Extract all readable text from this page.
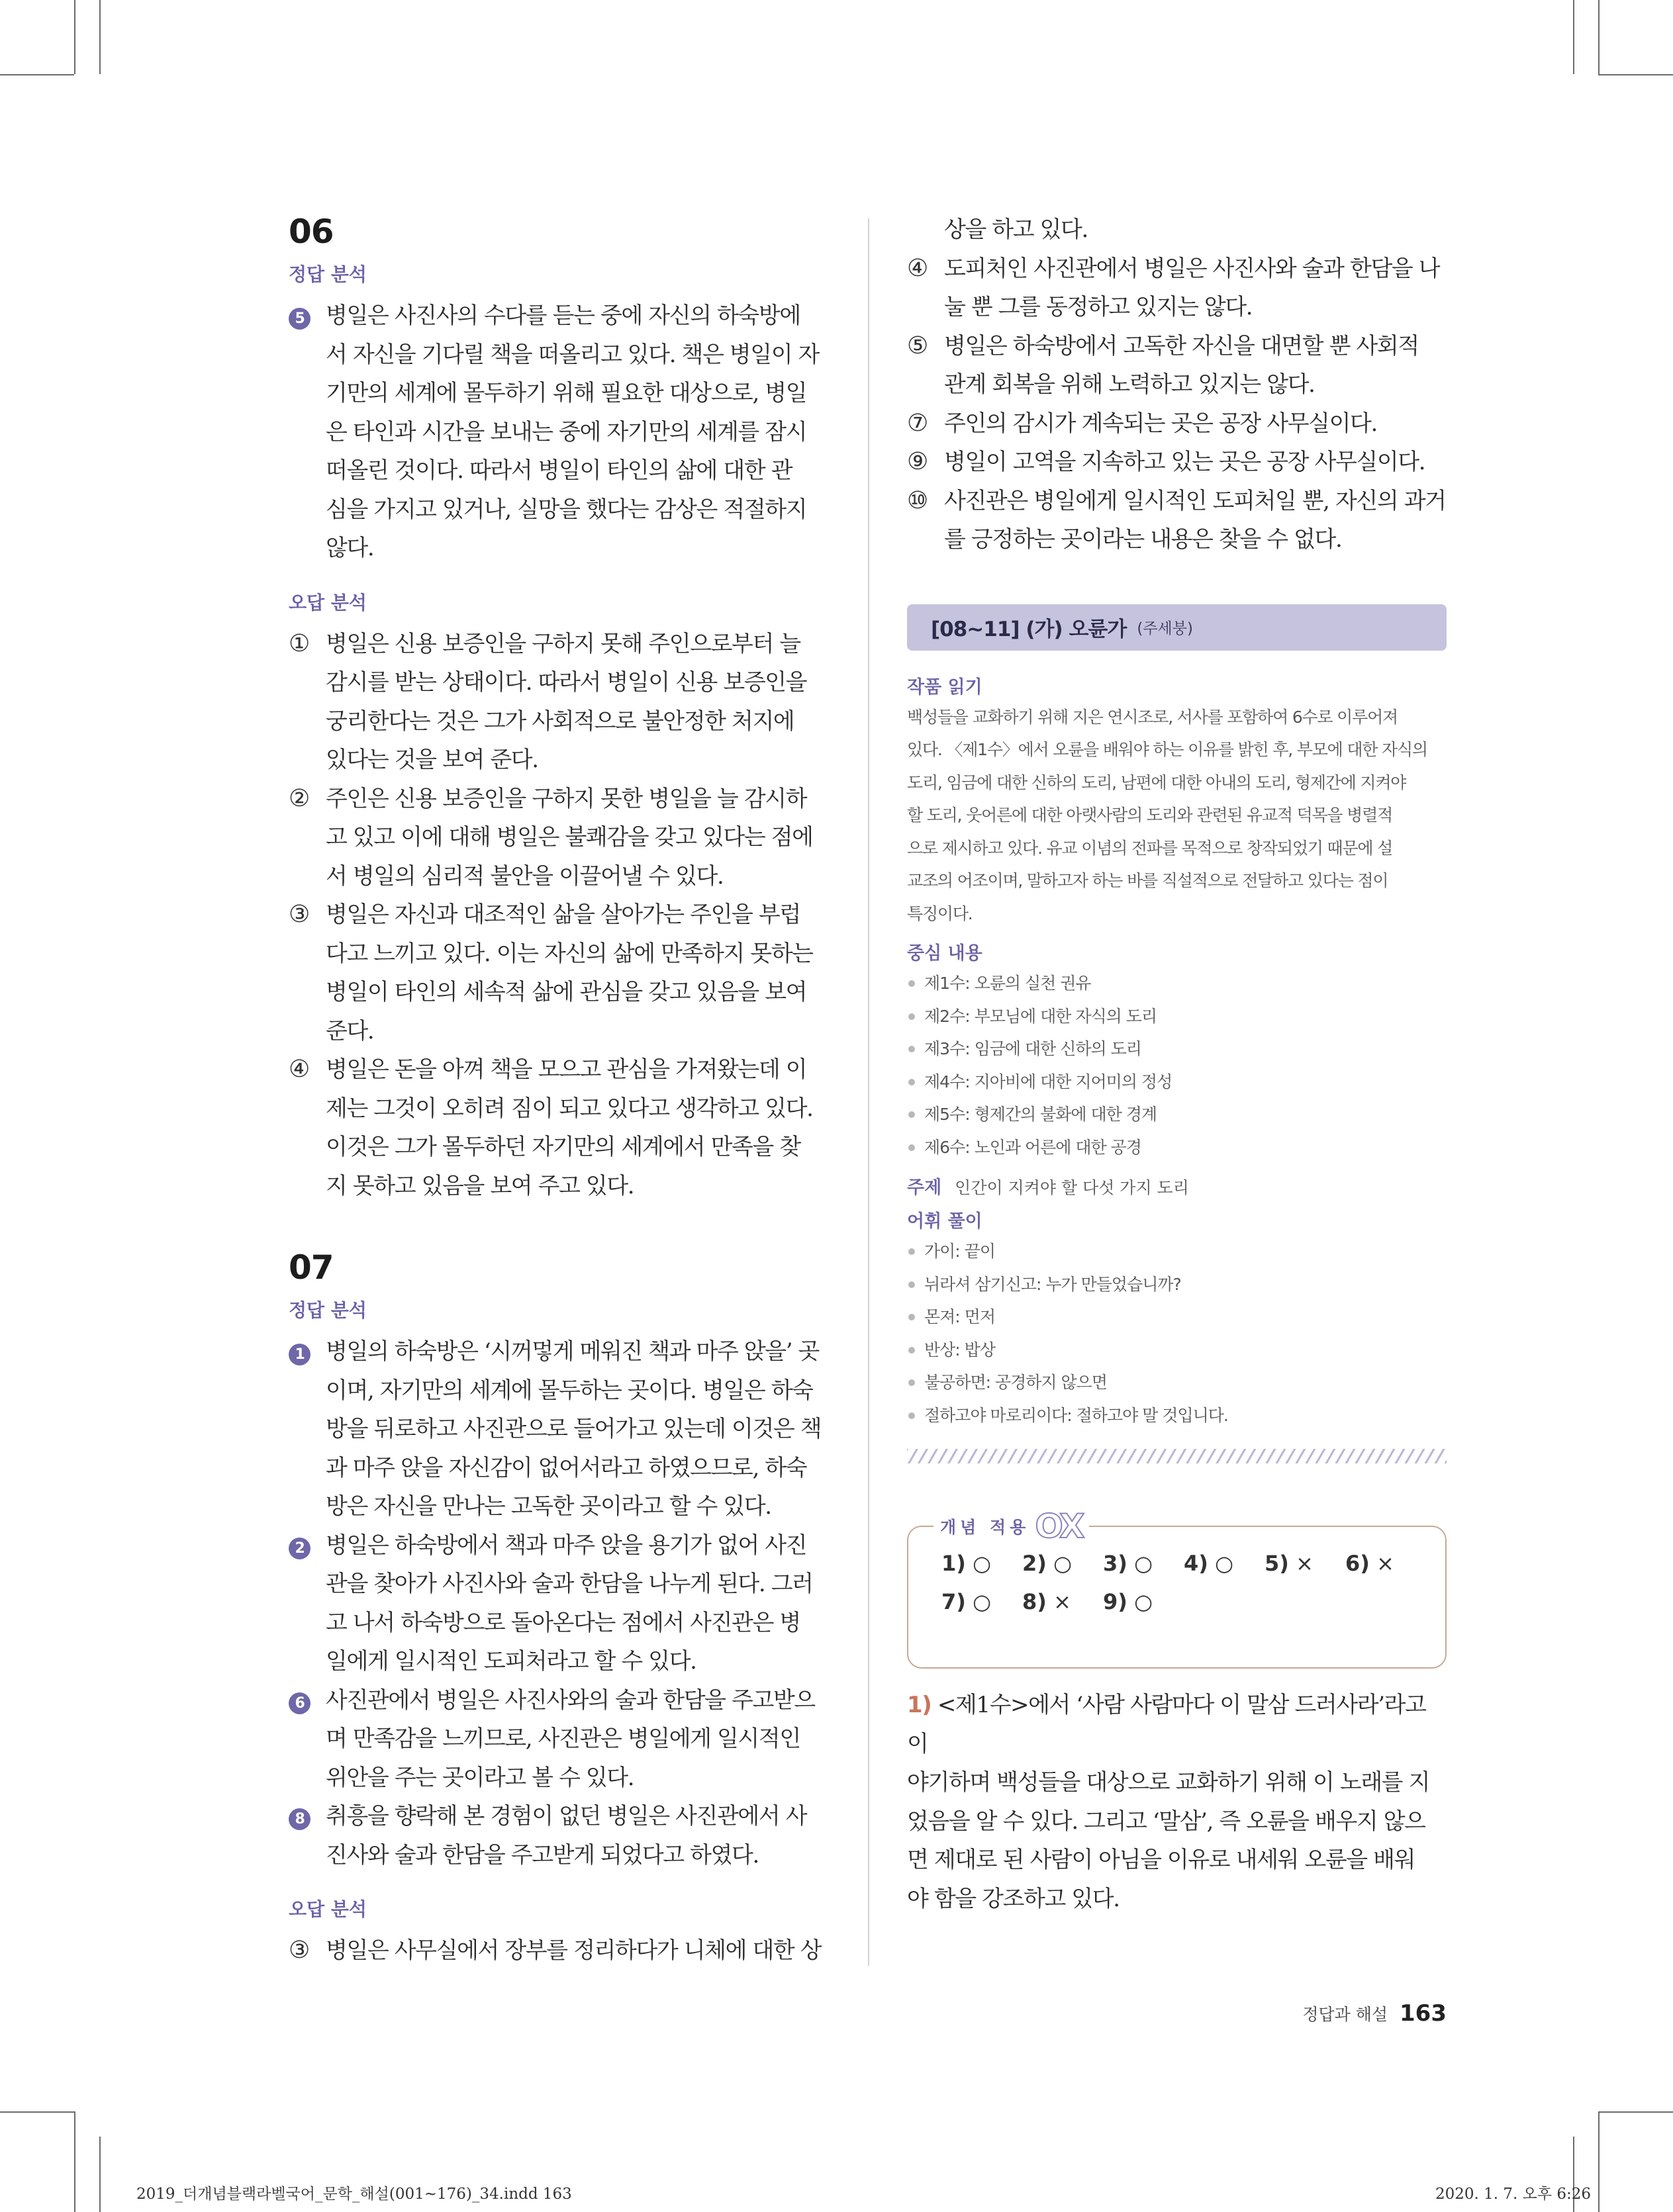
06
정답 분석
5 병일은 사진사의 수다를 듣는 중에 자신의 하숙방에
서 자신을 기다릴 책을 떠올리고 있다. 책은 병일이 자
기만의 세계에 몰두하기 위해 필요한 대상으로, 병일
은 타인과 시간을 보내는 중에 자기만의 세계를 잠시
떠올린 것이다. 따라서 병일이 타인의 삶에 대한 관
심을 가지고 있거나, 실망을 했다는 감상은 적절하지
않다.
오답 분석
① 병일은 신용 보증인을 구하지 못해 주인으로부터 늘
감시를 받는 상태이다. 따라서 병일이 신용 보증인을
궁리한다는 것은 그가 사회적으로 불안정한 처지에
있다는 것을 보여 준다.
② 주인은 신용 보증인을 구하지 못한 병일을 늘 감시하
고 있고 이에 대해 병일은 불쾌감을 갖고 있다는 점에
서 병일의 심리적 불안을 이끌어낼 수 있다.
③ 병일은 자신과 대조적인 삶을 살아가는 주인을 부럽
다고 느끼고 있다. 이는 자신의 삶에 만족하지 못하는
병일이 타인의 세속적 삶에 관심을 갖고 있음을 보여
준다.
④ 병일은 돈을 아껴 책을 모으고 관심을 가져왔는데 이
제는 그것이 오히려 짐이 되고 있다고 생각하고 있다.
이것은 그가 몰두하던 자기만의 세계에서 만족을 찾
지 못하고 있음을 보여 주고 있다.
07
정답 분석
1 병일의 하숙방은 ‘시꺼멓게 메워진 책과 마주 앉을’ 곳
이며, 자기만의 세계에 몰두하는 곳이다. 병일은 하숙
방을 뒤로하고 사진관으로 들어가고 있는데 이것은 책
과 마주 앉을 자신감이 없어서라고 하였으므로, 하숙
방은 자신을 만나는 고독한 곳이라고 할 수 있다.
2 병일은 하숙방에서 책과 마주 앉을 용기가 없어 사진
관을 찾아가 사진사와 술과 한담을 나누게 된다. 그러
고 나서 하숙방으로 돌아온다는 점에서 사진관은 병
일에게 일시적인 도피처라고 할 수 있다.
6 사진관에서 병일은 사진사와의 술과 한담을 주고받으
며 만족감을 느끼므로, 사진관은 병일에게 일시적인
위안을 주는 곳이라고 볼 수 있다.
8 취흥을 향락해 본 경험이 없던 병일은 사진관에서 사
진사와 술과 한담을 주고받게 되었다고 하였다.
오답 분석
③ 병일은 사무실에서 장부를 정리하다가 니체에 대한 상
상을 하고 있다.
④ 도피처인 사진관에서 병일은 사진사와 술과 한담을 나
눌 뿐 그를 동정하고 있지는 않다.
⑤ 병일은 하숙방에서 고독한 자신을 대면할 뿐 사회적
관계 회복을 위해 노력하고 있지는 않다.
⑦ 주인의 감시가 계속되는 곳은 공장 사무실이다.
⑨ 병일이 고역을 지속하고 있는 곳은 공장 사무실이다.
⑩ 사진관은 병일에게 일시적인 도피처일 뿐, 자신의 과거
를 긍정하는 곳이라는 내용은 찾을 수 없다.
[08~11] (가) 오륜가 (주세붕)

작품 읽기

백성들을 교화하기 위해 지은 연시조로, 서사를 포함하여 6수로 이루어져

있다. 〈제1수〉에서 오륜을 배워야 하는 이유를 밝힌 후, 부모에 대한 자식의

도리, 임금에 대한 신하의 도리, 남편에 대한 아내의 도리, 형제간에 지켜야

할 도리, 웃어른에 대한 아랫사람의 도리와 관련된 유교적 덕목을 병렬적

으로 제시하고 있다. 유교 이념의 전파를 목적으로 창작되었기 때문에 설

교조의 어조이며, 말하고자 하는 바를 직설적으로 전달하고 있다는 점이

특징이다.

중심 내용

제1수: 오륜의 실천 권유
제2수: 부모님에 대한 자식의 도리
제3수: 임금에 대한 신하의 도리
제4수: 지아비에 대한 지어미의 정성
제5수: 형제간의 불화에 대한 경계
제6수: 노인과 어른에 대한 공경
주제 인간이 지켜야 할 다섯 가지 도리

어휘 풀이

가이: 끝이
뉘라셔 삼기신고: 누가 만들었습니까?
몬져: 먼저
반상: 밥상
불공하면: 공경하지 않으면
절하고야 마로리이다: 절하고야 말 것입니다.
개념 적용 OX
1) ○	2) ○	3) ○	4) ○	5) ×	6) ×
7) ○	8) ×	9) ○
1) <제1수>에서 ‘사람 사람마다 이 말삼 드러사라’라고 이
야기하며 백성들을 대상으로 교화하기 위해 이 노래를 지
었음을 알 수 있다. 그리고 ‘말삼’, 즉 오륜을 배우지 않으
면 제대로 된 사람이 아님을 이유로 내세워 오륜을 배워
야 함을 강조하고 있다.
정답과 해설 163
2019_더개념블랙라벨국어_문학_해설(001~176)_34.indd 163	2020. 1. 7. 오후 6:26
